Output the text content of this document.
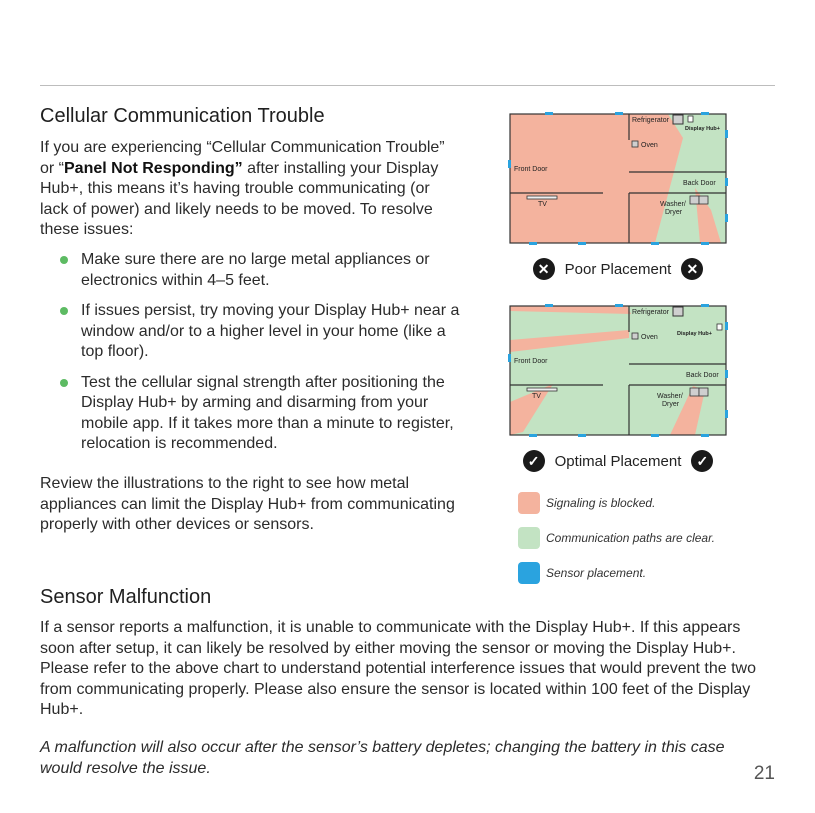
Cellular Communication Trouble
If you are experiencing “Cellular Communication Trouble” or “Panel Not Responding” after installing your Display Hub+, this means it’s having trouble communicating (or lack of power) and likely needs to be moved. To resolve these issues:
Make sure there are no large metal appliances or electronics within 4–5 feet.
If issues persist, try moving your Display Hub+ near a window and/or to a higher level in your home (like a top floor).
Test the cellular signal strength after positioning the Display Hub+ by arming and disarming from your mobile app. If it takes more than a minute to register, relocation is recommended.
Review the illustrations to the right to see how metal appliances can limit the Display Hub+ from communicating properly with other devices or sensors.
Refrigerator
Display Hub+
Oven
Front Door
Back Door
Washer/
Dryer
TV
✕	Poor Placement	✕
Refrigerator
Display Hub+
Oven
Front Door
Back Door
Washer/
Dryer
TV
✓	Optimal Placement	✓
Signaling is blocked.
Communication paths are clear.
Sensor placement.
Sensor Malfunction
If a sensor reports a malfunction, it is unable to communicate with the Display Hub+. If this appears soon after setup, it can likely be resolved by either moving the sensor or moving the Display Hub+. Please refer to the above chart to understand potential interference issues that would prevent the two from communicating properly. Please also ensure the sensor is located within 100 feet of the Display Hub+.
A malfunction will also occur after the sensor’s battery depletes; changing the battery in this case would resolve the issue.	21
